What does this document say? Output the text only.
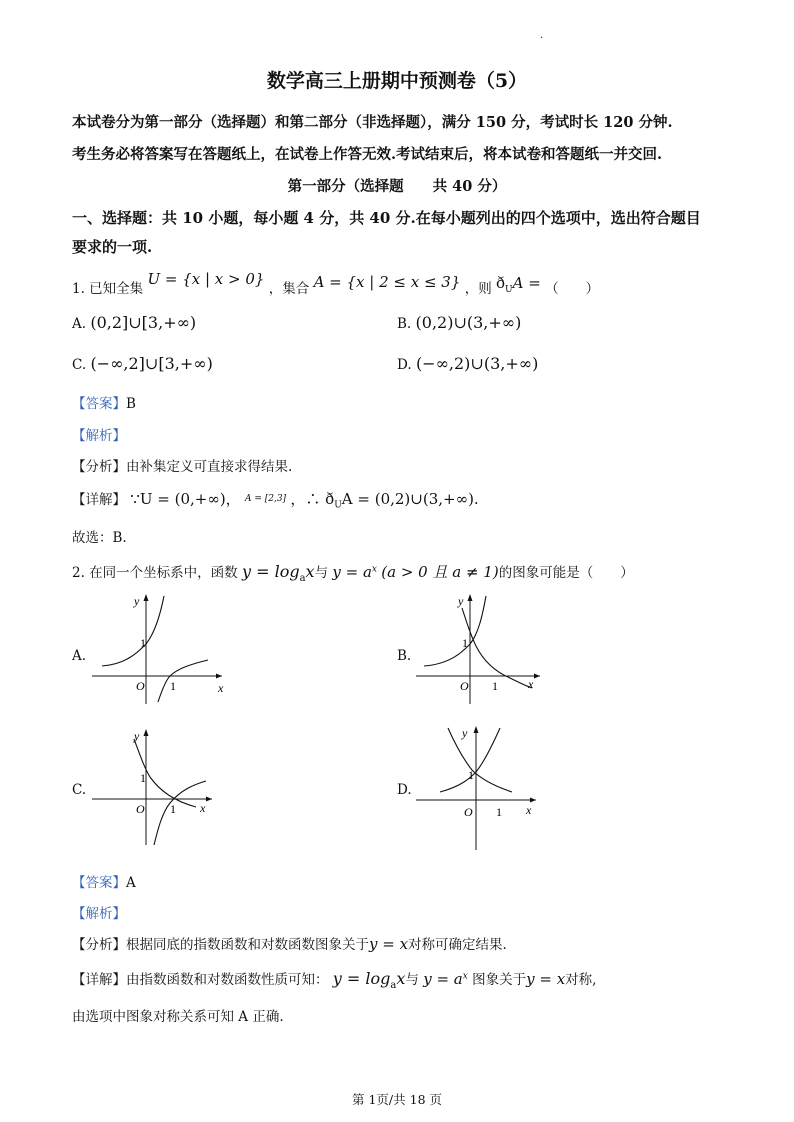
.
数学高三上册期中预测卷（5）
本试卷分为第一部分（选择题）和第二部分（非选择题），满分 150 分，考试时长 120 分钟.
考生务必将答案写在答题纸上，在试卷上作答无效.考试结束后，将本试卷和答题纸一并交回.
第一部分（选择题　　共 40 分）
一、选择题：共 10 小题，每小题 4 分，共 40 分.在每小题列出的四个选项中，选出符合题目
要求的一项.
1. 已知全集 U = {x | x > 0} ，集合 A = {x | 2 ≤ x ≤ 3} ，则 $ð_UA$ = （　　）
A. (0,2]∪[3,+∞)	B. (0,2)∪(3,+∞)
C. (−∞,2]∪[3,+∞)	D. (−∞,2)∪(3,+∞)
【答案】B
【解析】
【分析】由补集定义可直接求得结果.
【详解】 ∵U = (0,+∞)， $^{A = [2,3]}$ ，∴ $ð_UA$ = (0,2)∪(3,+∞).
故选：B.
2. 在同一个坐标系中，函数 $y = \log_ax$与 $y = a^x$ (a > 0 且 a ≠ 1)的图象可能是（　　）
A.
y
x
O
1
1
B.
y
x
O
1
1
C.
y
x
O
1
1
D.
y
x
O
1
1
【答案】A
【解析】
【分析】根据同底的指数函数和对数函数图象关于y = x对称可确定结果.
【详解】由指数函数和对数函数性质可知： $y = \log_ax$与 $y = a^x$ 图象关于y = x对称,
由选项中图象对称关系可知 A 正确.
第 1页/共 18 页
